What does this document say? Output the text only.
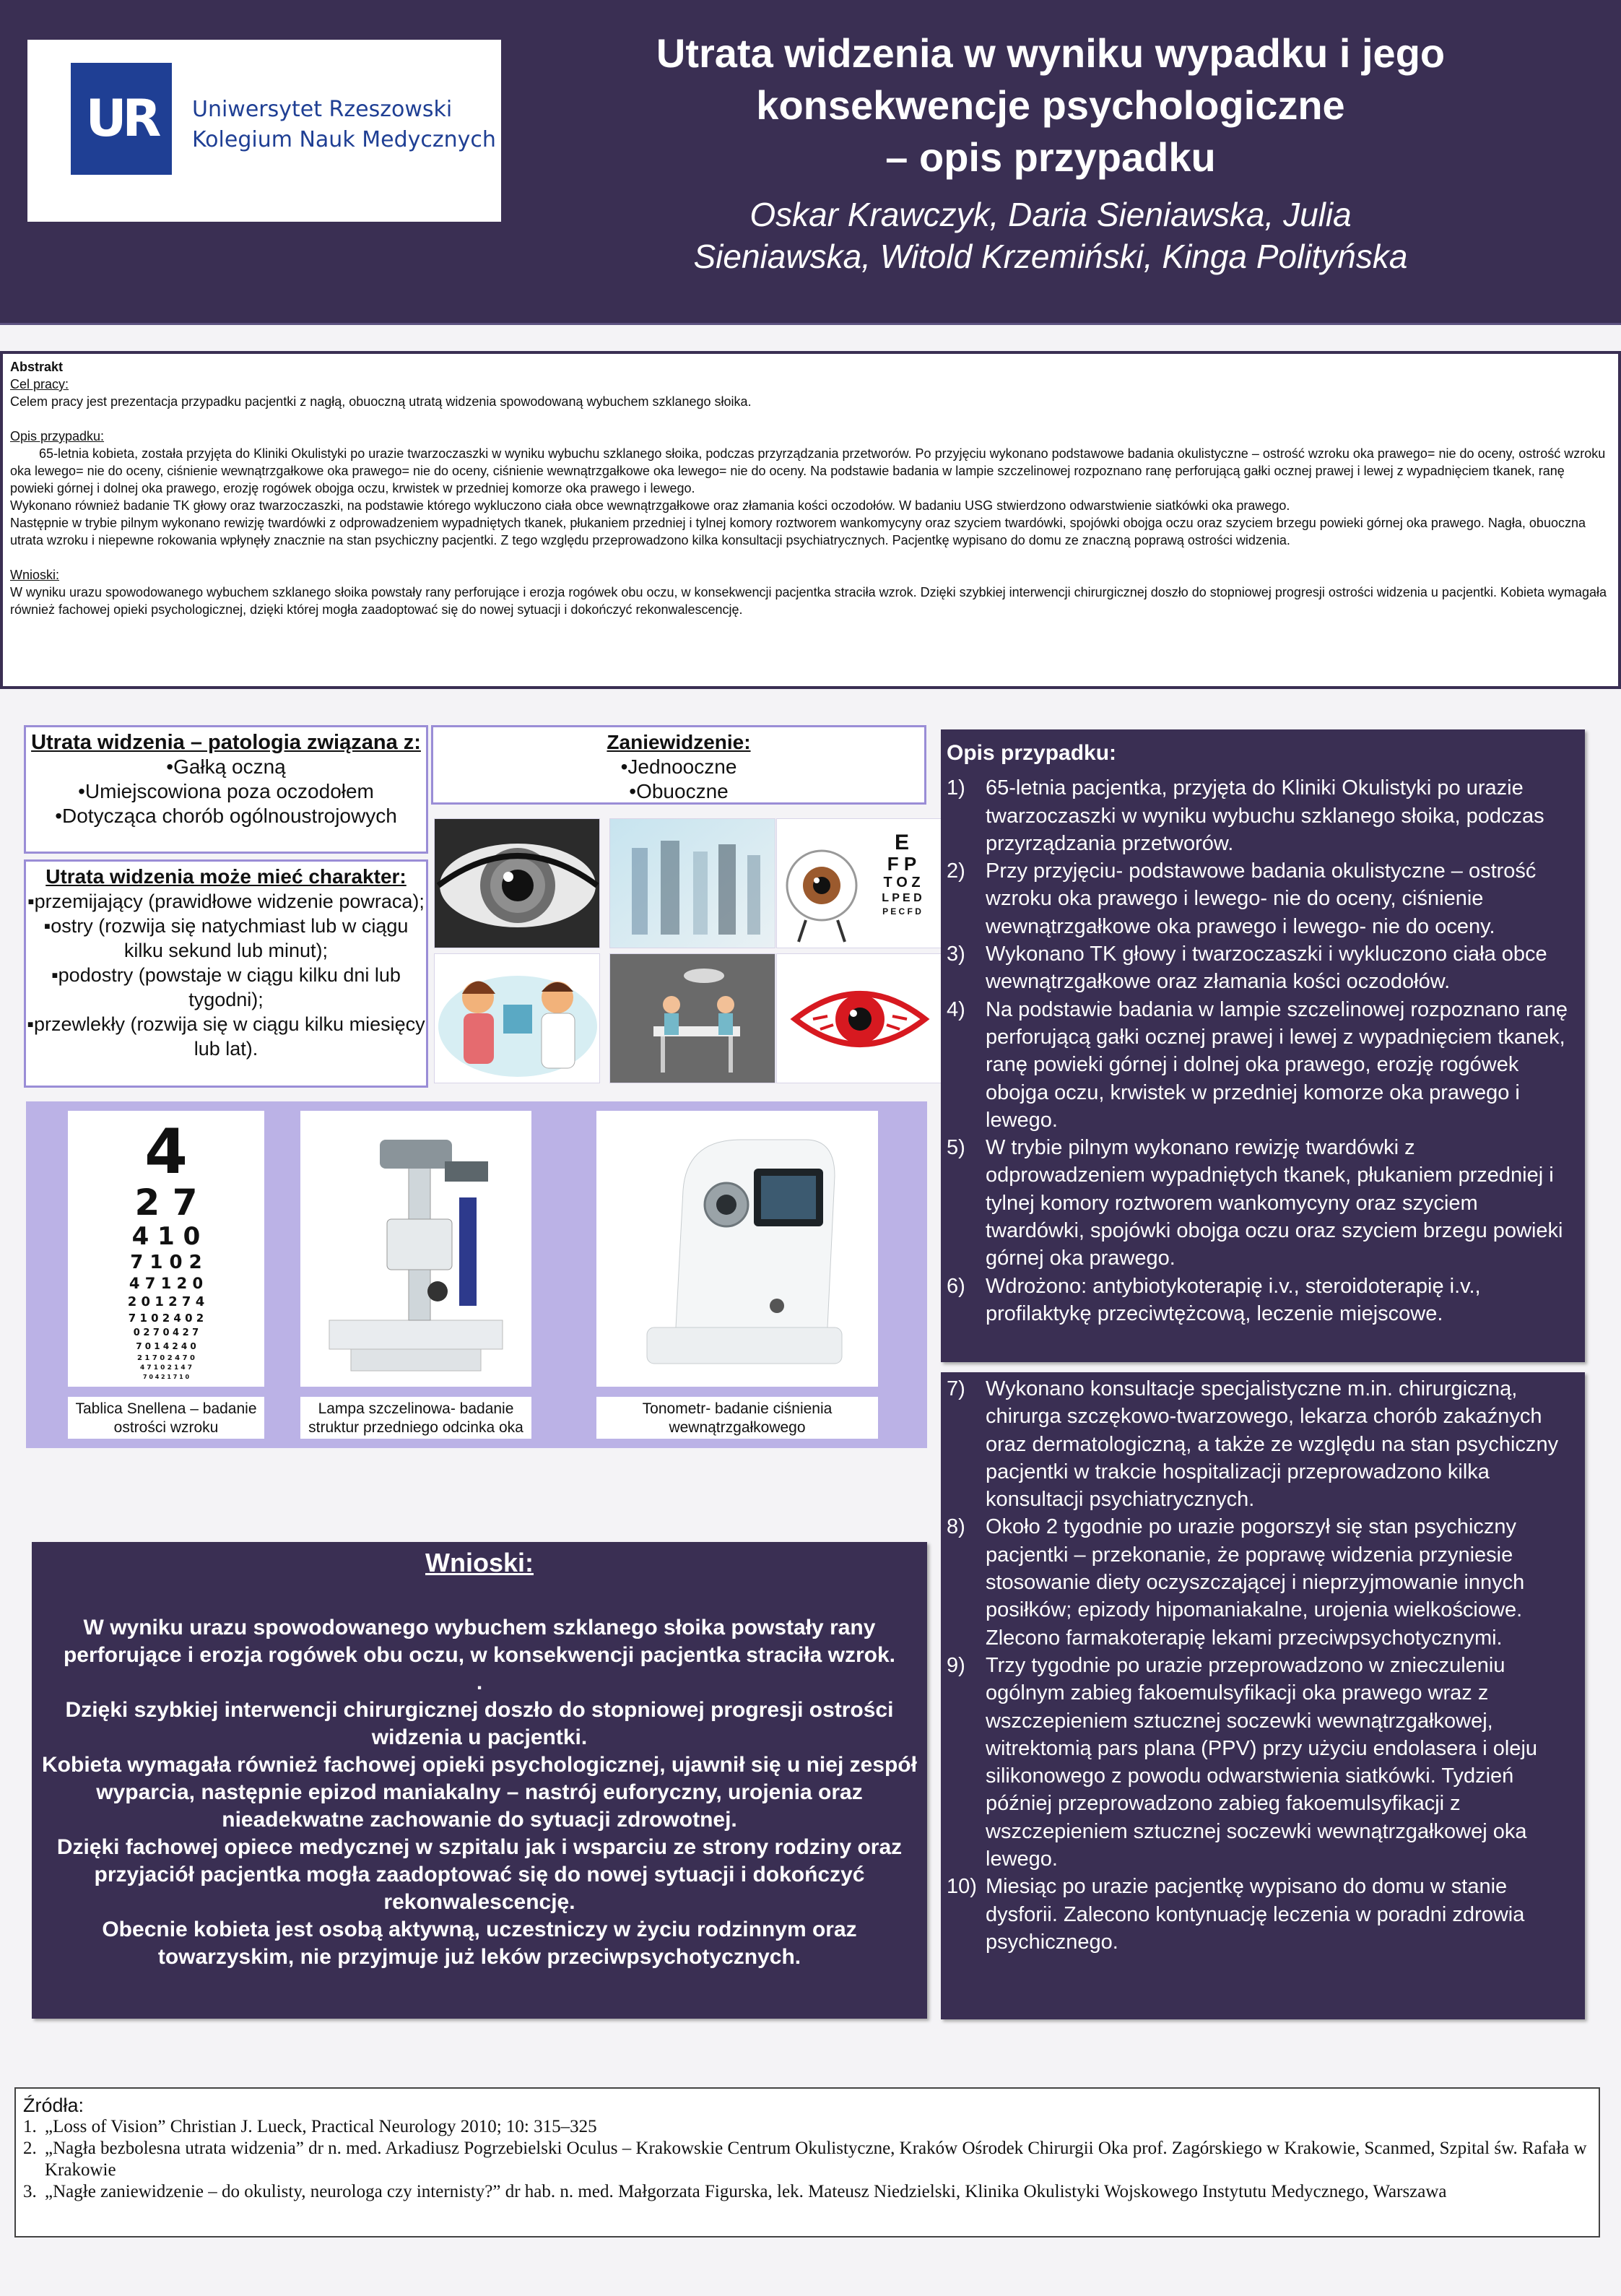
UR	Uniwersytet Rzeszowski
Kolegium Nauk Medycznych
Utrata widzenia w wyniku wypadku i jego
konsekwencje psychologiczne
– opis przypadku
Oskar Krawczyk, Daria Sieniawska, Julia
Sieniawska, Witold Krzemiński, Kinga Polityńska

Abstrakt

Cel pracy:

Celem pracy jest prezentacja przypadku pacjentki z nagłą, obuoczną utratą widzenia spowodowaną wybuchem szklanego słoika.

Opis przypadku:

65-letnia kobieta, została przyjęta do Kliniki Okulistyki po urazie twarzoczaszki w wyniku wybuchu szklanego słoika, podczas przyrządzania przetworów. Po przyjęciu wykonano podstawowe badania okulistyczne – ostrość wzroku oka prawego= nie do oceny, ostrość wzroku oka lewego= nie do oceny, ciśnienie wewnątrzgałkowe oka prawego= nie do oceny, ciśnienie wewnątrzgałkowe oka lewego= nie do oceny. Na podstawie badania w lampie szczelinowej rozpoznano ranę perforującą gałki ocznej prawej i lewej z wypadnięciem tkanek, ranę powieki górnej i dolnej oka prawego, erozję rogówek obojga oczu, krwistek w przedniej komorze oka prawego i lewego.

Wykonano również badanie TK głowy oraz twarzoczaszki, na podstawie którego wykluczono ciała obce wewnątrzgałkowe oraz złamania kości oczodołów. W badaniu USG stwierdzono odwarstwienie siatkówki oka prawego.

Następnie w trybie pilnym wykonano rewizję twardówki z odprowadzeniem wypadniętych tkanek, płukaniem przedniej i tylnej komory roztworem wankomycyny oraz szyciem twardówki, spojówki obojga oczu oraz szyciem brzegu powieki górnej oka prawego. Nagła, obuoczna utrata wzroku i niepewne rokowania wpłynęły znacznie na stan psychiczny pacjentki. Z tego względu przeprowadzono kilka konsultacji psychiatrycznych. Pacjentkę wypisano do domu ze znaczną poprawą ostrości widzenia.

Wnioski:

W wyniku urazu spowodowanego wybuchem szklanego słoika powstały rany perforujące i erozja rogówek obu oczu, w konsekwencji pacjentka straciła wzrok. Dzięki szybkiej interwencji chirurgicznej doszło do stopniowej progresji ostrości widzenia u pacjentki. Kobieta wymagała również fachowej opieki psychologicznej, dzięki której mogła zaadoptować się do nowej sytuacji i dokończyć rekonwalescencję.

Utrata widzenia – patologia związana z:
•Gałką oczną
•Umiejscowiona poza oczodołem
•Dotycząca chorób ogólnoustrojowych
Zaniewidzenie:
•Jednooczne
•Obuoczne
Utrata widzenia może mieć charakter:
▪przemijający (prawidłowe widzenie powraca);
▪ostry (rozwija się natychmiast lub w ciągu kilku sekund lub minut);
▪podostry (powstaje w ciągu kilku dni lub tygodni);
▪przewlekły (rozwija się w ciągu kilku miesięcy lub lat).
E
F P
T O Z
L P E D
P E C F D
4
2 7
4 1 0
7 1 0 2
4 7 1 2 0
2 0 1 2 7 4
7 1 0 2 4 0 2
0 2 7 0 4 2 7
7 0 1 4 2 4 0
2 1 7 0 2 4 7 0
4 7 1 0 2 1 4 7
7 0 4 2 1 7 1 0
Tablica Snellena – badanie ostrości wzroku
Lampa szczelinowa- badanie struktur przedniego odcinka oka
Tonometr- badanie ciśnienia wewnątrzgałkowego
Wnioski:
W wyniku urazu spowodowanego wybuchem szklanego słoika powstały rany perforujące i erozja rogówek obu oczu, w konsekwencji pacjentka straciła wzrok.
.
Dzięki szybkiej interwencji chirurgicznej doszło do stopniowej progresji ostrości widzenia u pacjentki.
Kobieta wymagała również fachowej opieki psychologicznej, ujawnił się u niej zespół wyparcia, następnie epizod maniakalny – nastrój euforyczny, urojenia oraz nieadekwatne zachowanie do sytuacji zdrowotnej.
Dzięki fachowej opiece medycznej w szpitalu jak i wsparciu ze strony rodziny oraz przyjaciół pacjentka mogła zaadoptować się do nowej sytuacji i dokończyć rekonwalescencję.
Obecnie kobieta jest osobą aktywną, uczestniczy w życiu rodzinnym oraz towarzyskim, nie przyjmuje już leków przeciwpsychotycznych.
Opis przypadku:
1) 65-letnia pacjentka, przyjęta do Kliniki Okulistyki po urazie twarzoczaszki w wyniku wybuchu szklanego słoika, podczas przyrządzania przetworów.
2) Przy przyjęciu- podstawowe badania okulistyczne – ostrość wzroku oka prawego i lewego- nie do oceny, ciśnienie wewnątrzgałkowe oka prawego i lewego- nie do oceny.
3) Wykonano TK głowy i twarzoczaszki i wykluczono ciała obce wewnątrzgałkowe oraz złamania kości oczodołów.
4) Na podstawie badania w lampie szczelinowej rozpoznano ranę perforującą gałki ocznej prawej i lewej z wypadnięciem tkanek, ranę powieki górnej i dolnej oka prawego, erozję rogówek obojga oczu, krwistek w przedniej komorze oka prawego i lewego.
5) W trybie pilnym wykonano rewizję twardówki z odprowadzeniem wypadniętych tkanek, płukaniem przedniej i tylnej komory roztworem wankomycyny oraz szyciem twardówki, spojówki obojga oczu oraz szyciem brzegu powieki górnej oka prawego.
6) Wdrożono: antybiotykoterapię i.v., steroidoterapię i.v., profilaktykę przeciwtężcową, leczenie miejscowe.
7) Wykonano konsultacje specjalistyczne m.in. chirurgiczną, chirurga szczękowo-twarzowego, lekarza chorób zakaźnych oraz dermatologiczną, a także ze względu na stan psychiczny pacjentki w trakcie hospitalizacji przeprowadzono kilka konsultacji psychiatrycznych.
8) Około 2 tygodnie po urazie pogorszył się stan psychiczny pacjentki – przekonanie, że poprawę widzenia przyniesie stosowanie diety oczyszczającej i nieprzyjmowanie innych posiłków; epizody hipomaniakalne, urojenia wielkościowe. Zlecono farmakoterapię lekami przeciwpsychotycznymi.
9) Trzy tygodnie po urazie przeprowadzono w znieczuleniu ogólnym zabieg fakoemulsyfikacji oka prawego wraz z wszczepieniem sztucznej soczewki wewnątrzgałkowej, witrektomią pars plana (PPV) przy użyciu endolasera i oleju silikonowego z powodu odwarstwienia siatkówki. Tydzień później przeprowadzono zabieg fakoemulsyfikacji z wszczepieniem sztucznej soczewki wewnątrzgałkowej oka lewego.
10) Miesiąc po urazie pacjentkę wypisano do domu w stanie dysforii. Zalecono kontynuację leczenia w poradni zdrowia psychicznego.
Źródła:
1. „Loss of Vision” Christian J. Lueck, Practical Neurology 2010; 10: 315–325
2. „Nagła bezbolesna utrata widzenia” dr n. med. Arkadiusz Pogrzebielski Oculus – Krakowskie Centrum Okulistyczne, Kraków Ośrodek Chirurgii Oka prof. Zagórskiego w Krakowie, Scanmed, Szpital św. Rafała w Krakowie
3. „Nagłe zaniewidzenie – do okulisty, neurologa czy internisty?” dr hab. n. med. Małgorzata Figurska, lek. Mateusz Niedzielski, Klinika Okulistyki Wojskowego Instytutu Medycznego, Warszawa
